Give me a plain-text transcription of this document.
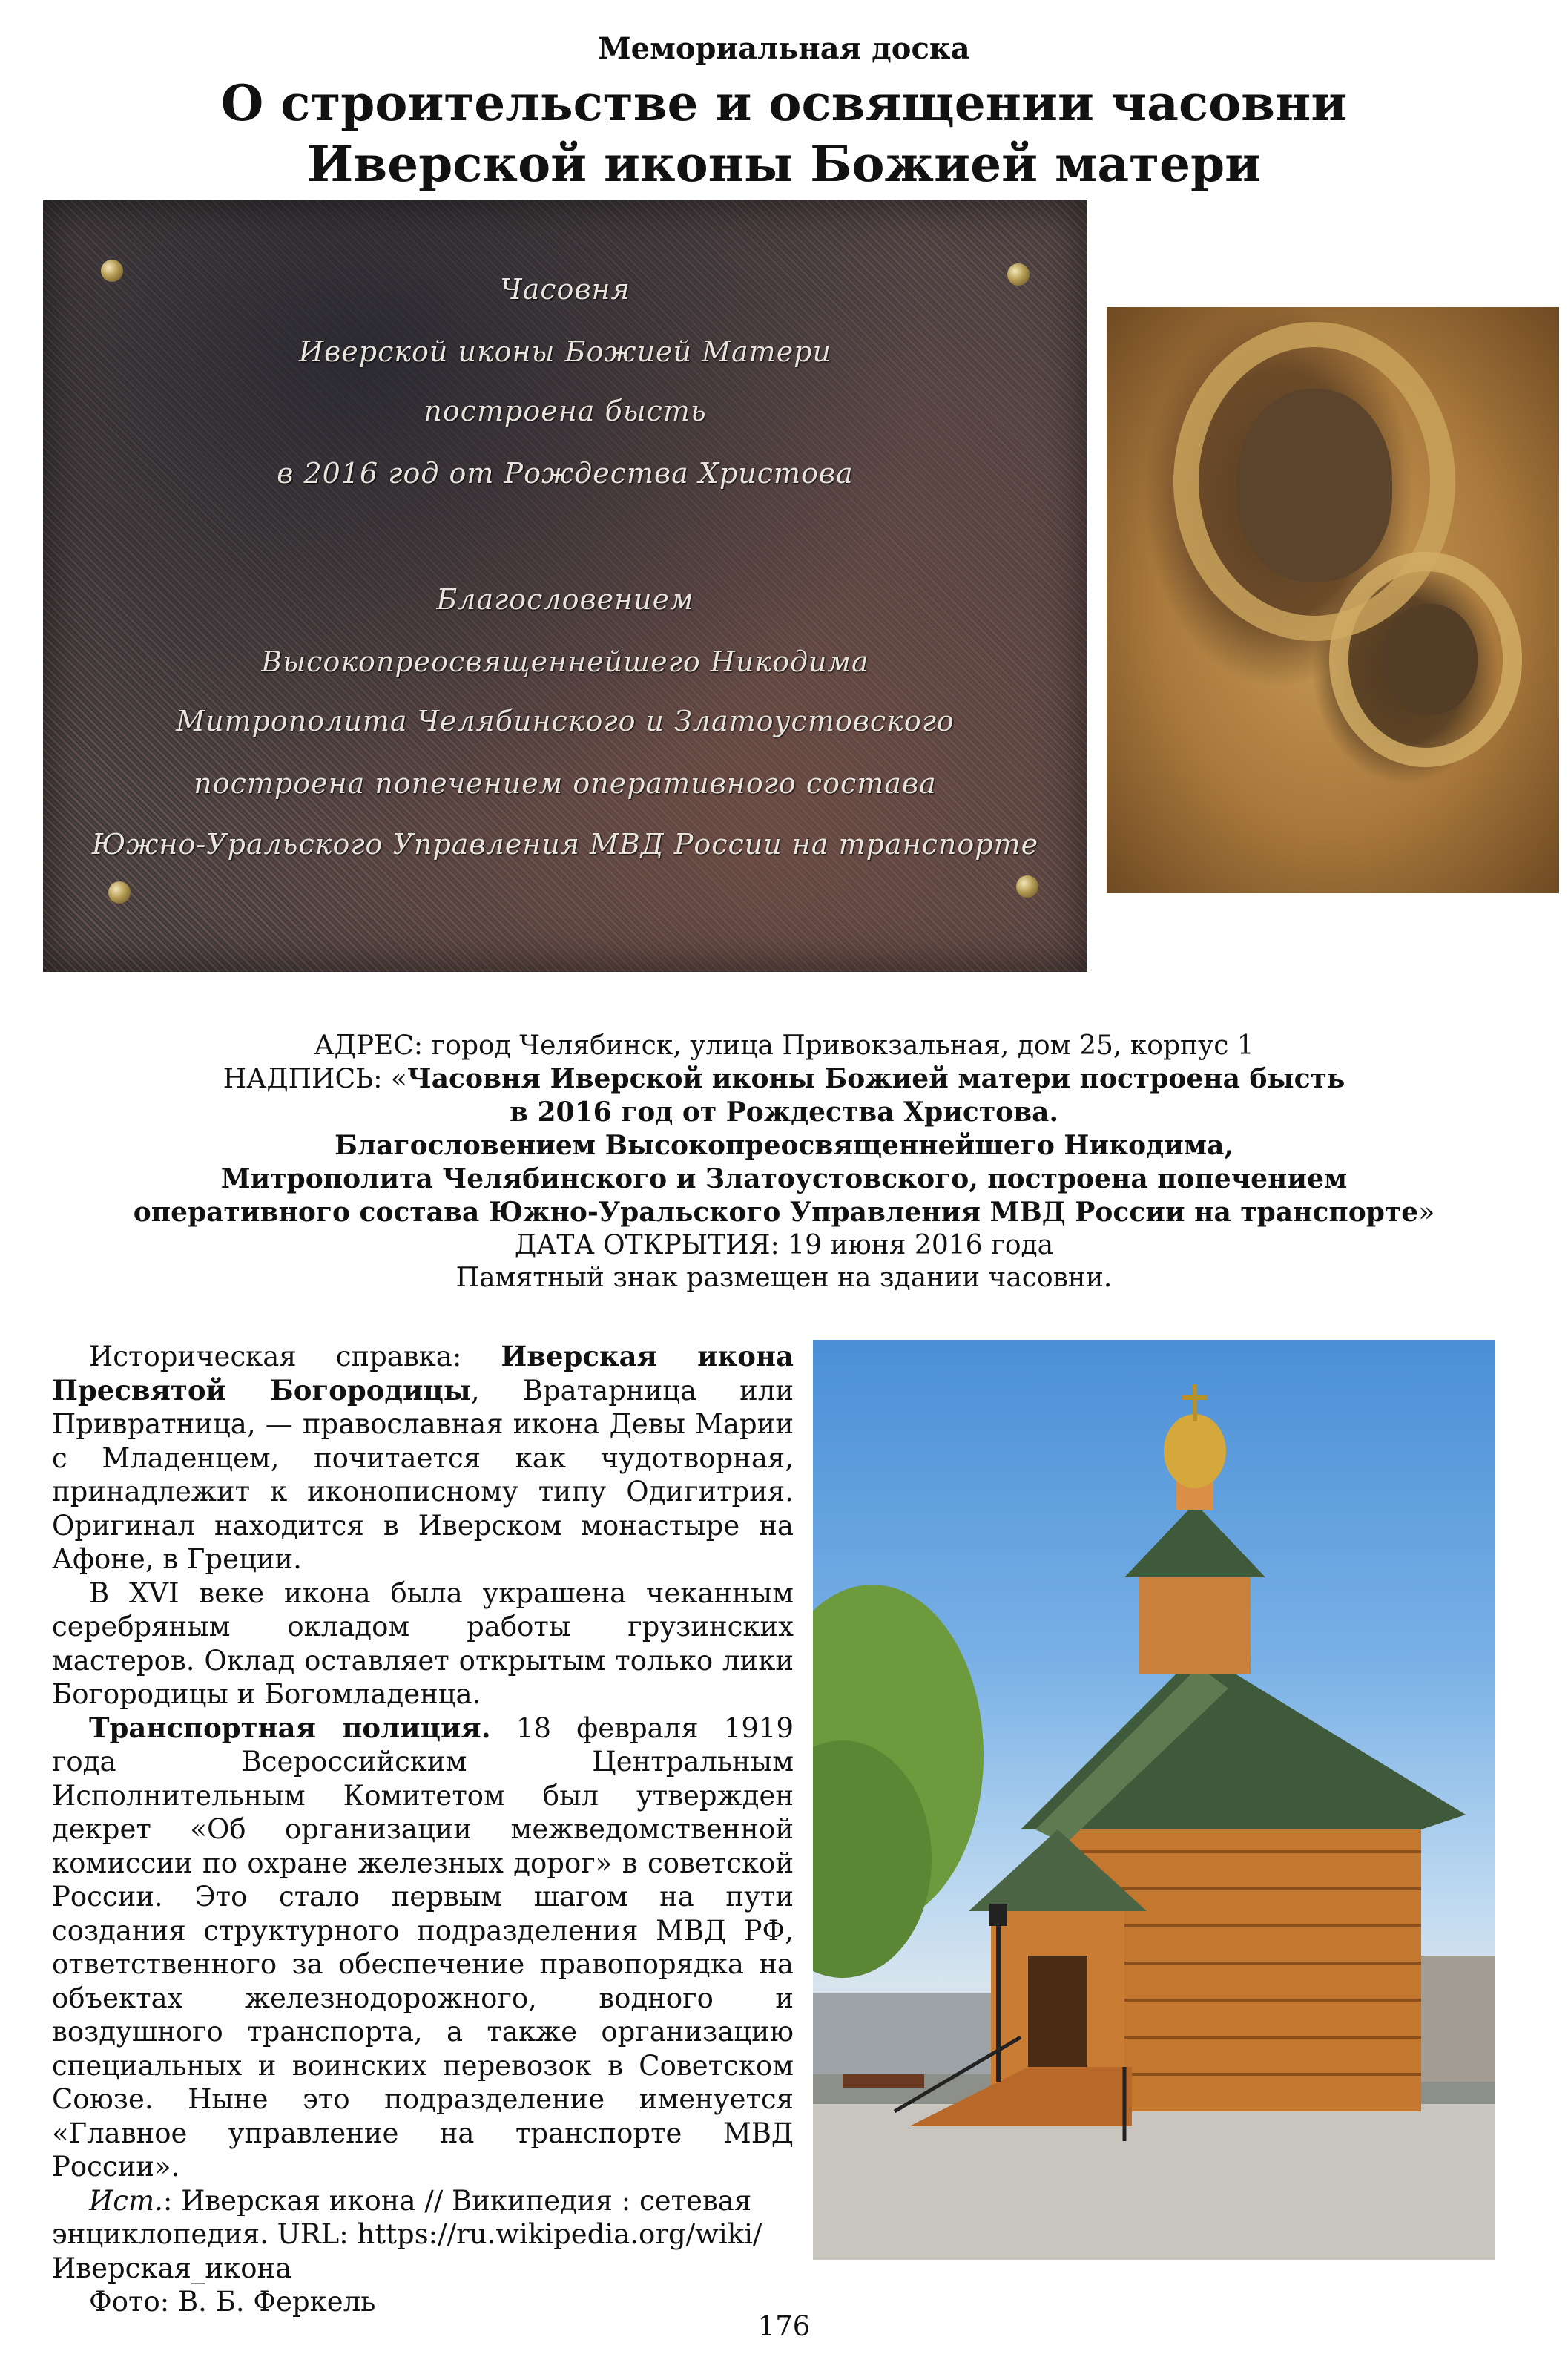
Мемориальная доска
О строительстве и освящении часовни
Иверской иконы Божией матери
Часовня
Иверской иконы Божией Матери
построена бысть
в 2016 год от Рождества Христова
Благословением
Высокопреосвященнейшего Никодима
Митрополита Челябинского и Златоустовского
построена попечением оперативного состава
Южно-Уральского Управления МВД России на транспорте
АДРЕС: город Челябинск, улица Привокзальная, дом 25, корпус 1
НАДПИСЬ: «Часовня Иверской иконы Божией матери построена бысть
в 2016 год от Рождества Христова.
Благословением Высокопреосвященнейшего Никодима,
Митрополита Челябинского и Златоустовского, построена попечением
оперативного состава Южно-Уральского Управления МВД России на транспорте»
ДАТА ОТКРЫТИЯ: 19 июня 2016 года
Памятный знак размещен на здании часовни.

Историческая справка: Иверская икона Пресвятой Богородицы, Вратарница или Привратница, — православная икона Девы Марии с Младенцем, почитается как чудотворная, принадлежит к иконописному типу Одигитрия. Оригинал находится в Иверском монастыре на Афоне, в Греции.

В XVI веке икона была украшена чеканным серебряным окладом работы грузинских мастеров. Оклад оставляет открытым только лики Богородицы и Богомладенца.

Транспортная полиция. 18 февраля 1919 года Всероссийским Центральным Исполнительным Комитетом был утвержден декрет «Об организации межведомственной комиссии по охране железных дорог» в советской России. Это стало первым шагом на пути создания структурного подразделения МВД РФ, ответственного за обеспечение правопорядка на объектах железнодорожного, водного и воздушного транспорта, а также организацию специальных и воинских перевозок в Советском Союзе. Ныне это подразделение именуется «Главное управление на транспорте МВД России».

Ист.: Иверская икона // Википедия : сетевая энциклопедия. URL: https://ru.wikipedia.org/wiki/Иверская_икона

Фото: В. Б. Феркель

176
